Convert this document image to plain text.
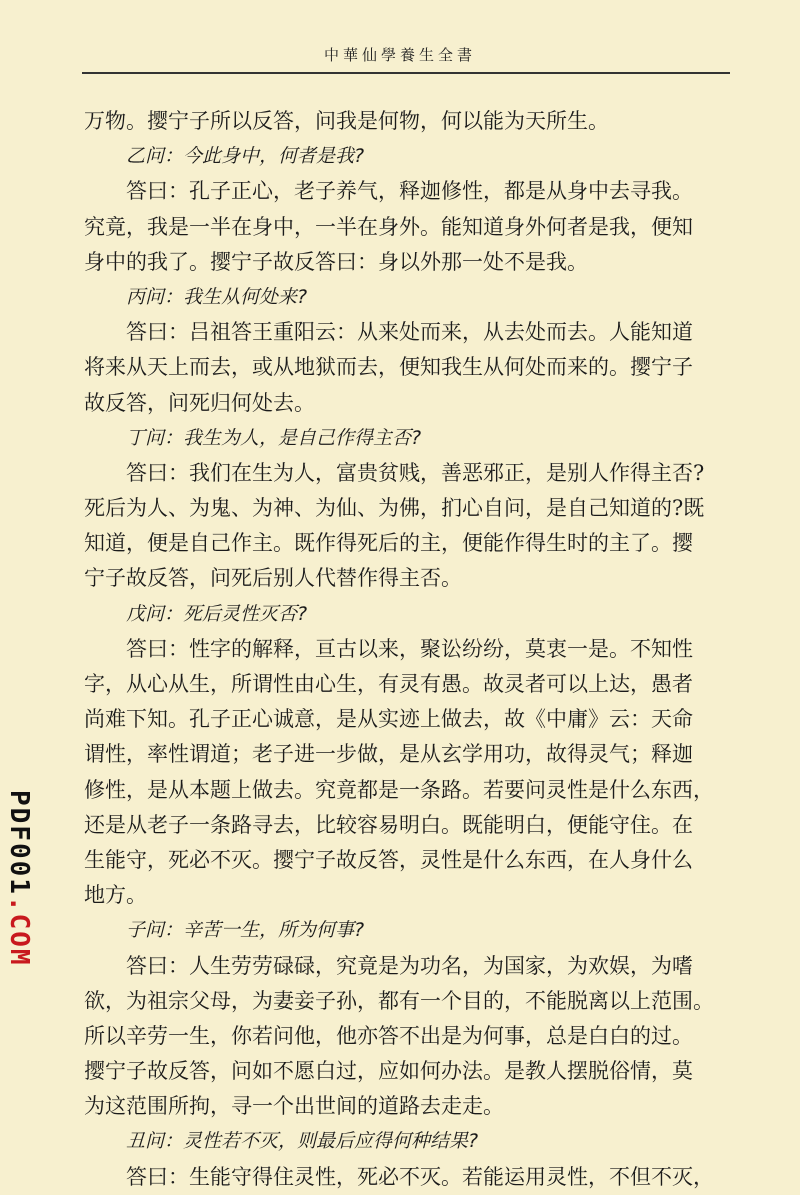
中華仙學養生全書
万物。撄宁子所以反答，问我是何物，何以能为天所生。
乙问：今此身中，何者是我?
答曰：孔子正心，老子养气，释迦修性，都是从身中去寻我。
究竟，我是一半在身中，一半在身外。能知道身外何者是我，便知
身中的我了。撄宁子故反答曰：身以外那一处不是我。
丙问：我生从何处来?
答曰：吕祖答王重阳云：从来处而来，从去处而去。人能知道
将来从天上而去，或从地狱而去，便知我生从何处而来的。撄宁子
故反答，问死归何处去。
丁问：我生为人，是自己作得主否?
答曰：我们在生为人，富贵贫贱，善恶邪正，是别人作得主否?
死后为人、为鬼、为神、为仙、为佛，扪心自问，是自己知道的?既
知道，便是自己作主。既作得死后的主，便能作得生时的主了。撄
宁子故反答，问死后别人代替作得主否。
戊问：死后灵性灭否?
答曰：性字的解释，亘古以来，聚讼纷纷，莫衷一是。不知性
字，从心从生，所谓性由心生，有灵有愚。故灵者可以上达，愚者
尚难下知。孔子正心诚意，是从实迹上做去，故《中庸》云：天命
谓性，率性谓道；老子进一步做，是从玄学用功，故得灵气；释迦
修性，是从本题上做去。究竟都是一条路。若要问灵性是什么东西，
还是从老子一条路寻去，比较容易明白。既能明白，便能守住。在
生能守，死必不灭。撄宁子故反答，灵性是什么东西，在人身什么
地方。
子问：辛苦一生，所为何事?
答曰：人生劳劳碌碌，究竟是为功名，为国家，为欢娱，为嗜
欲，为祖宗父母，为妻妾子孙，都有一个目的，不能脱离以上范围。
所以辛劳一生，你若问他，他亦答不出是为何事，总是白白的过。
撄宁子故反答，问如不愿白过，应如何办法。是教人摆脱俗情，莫
为这范围所拘，寻一个出世间的道路去走走。
丑问：灵性若不灭，则最后应得何种结果?
答曰：生能守得住灵性，死必不灭。若能运用灵性，不但不灭，
PDF001.COM
